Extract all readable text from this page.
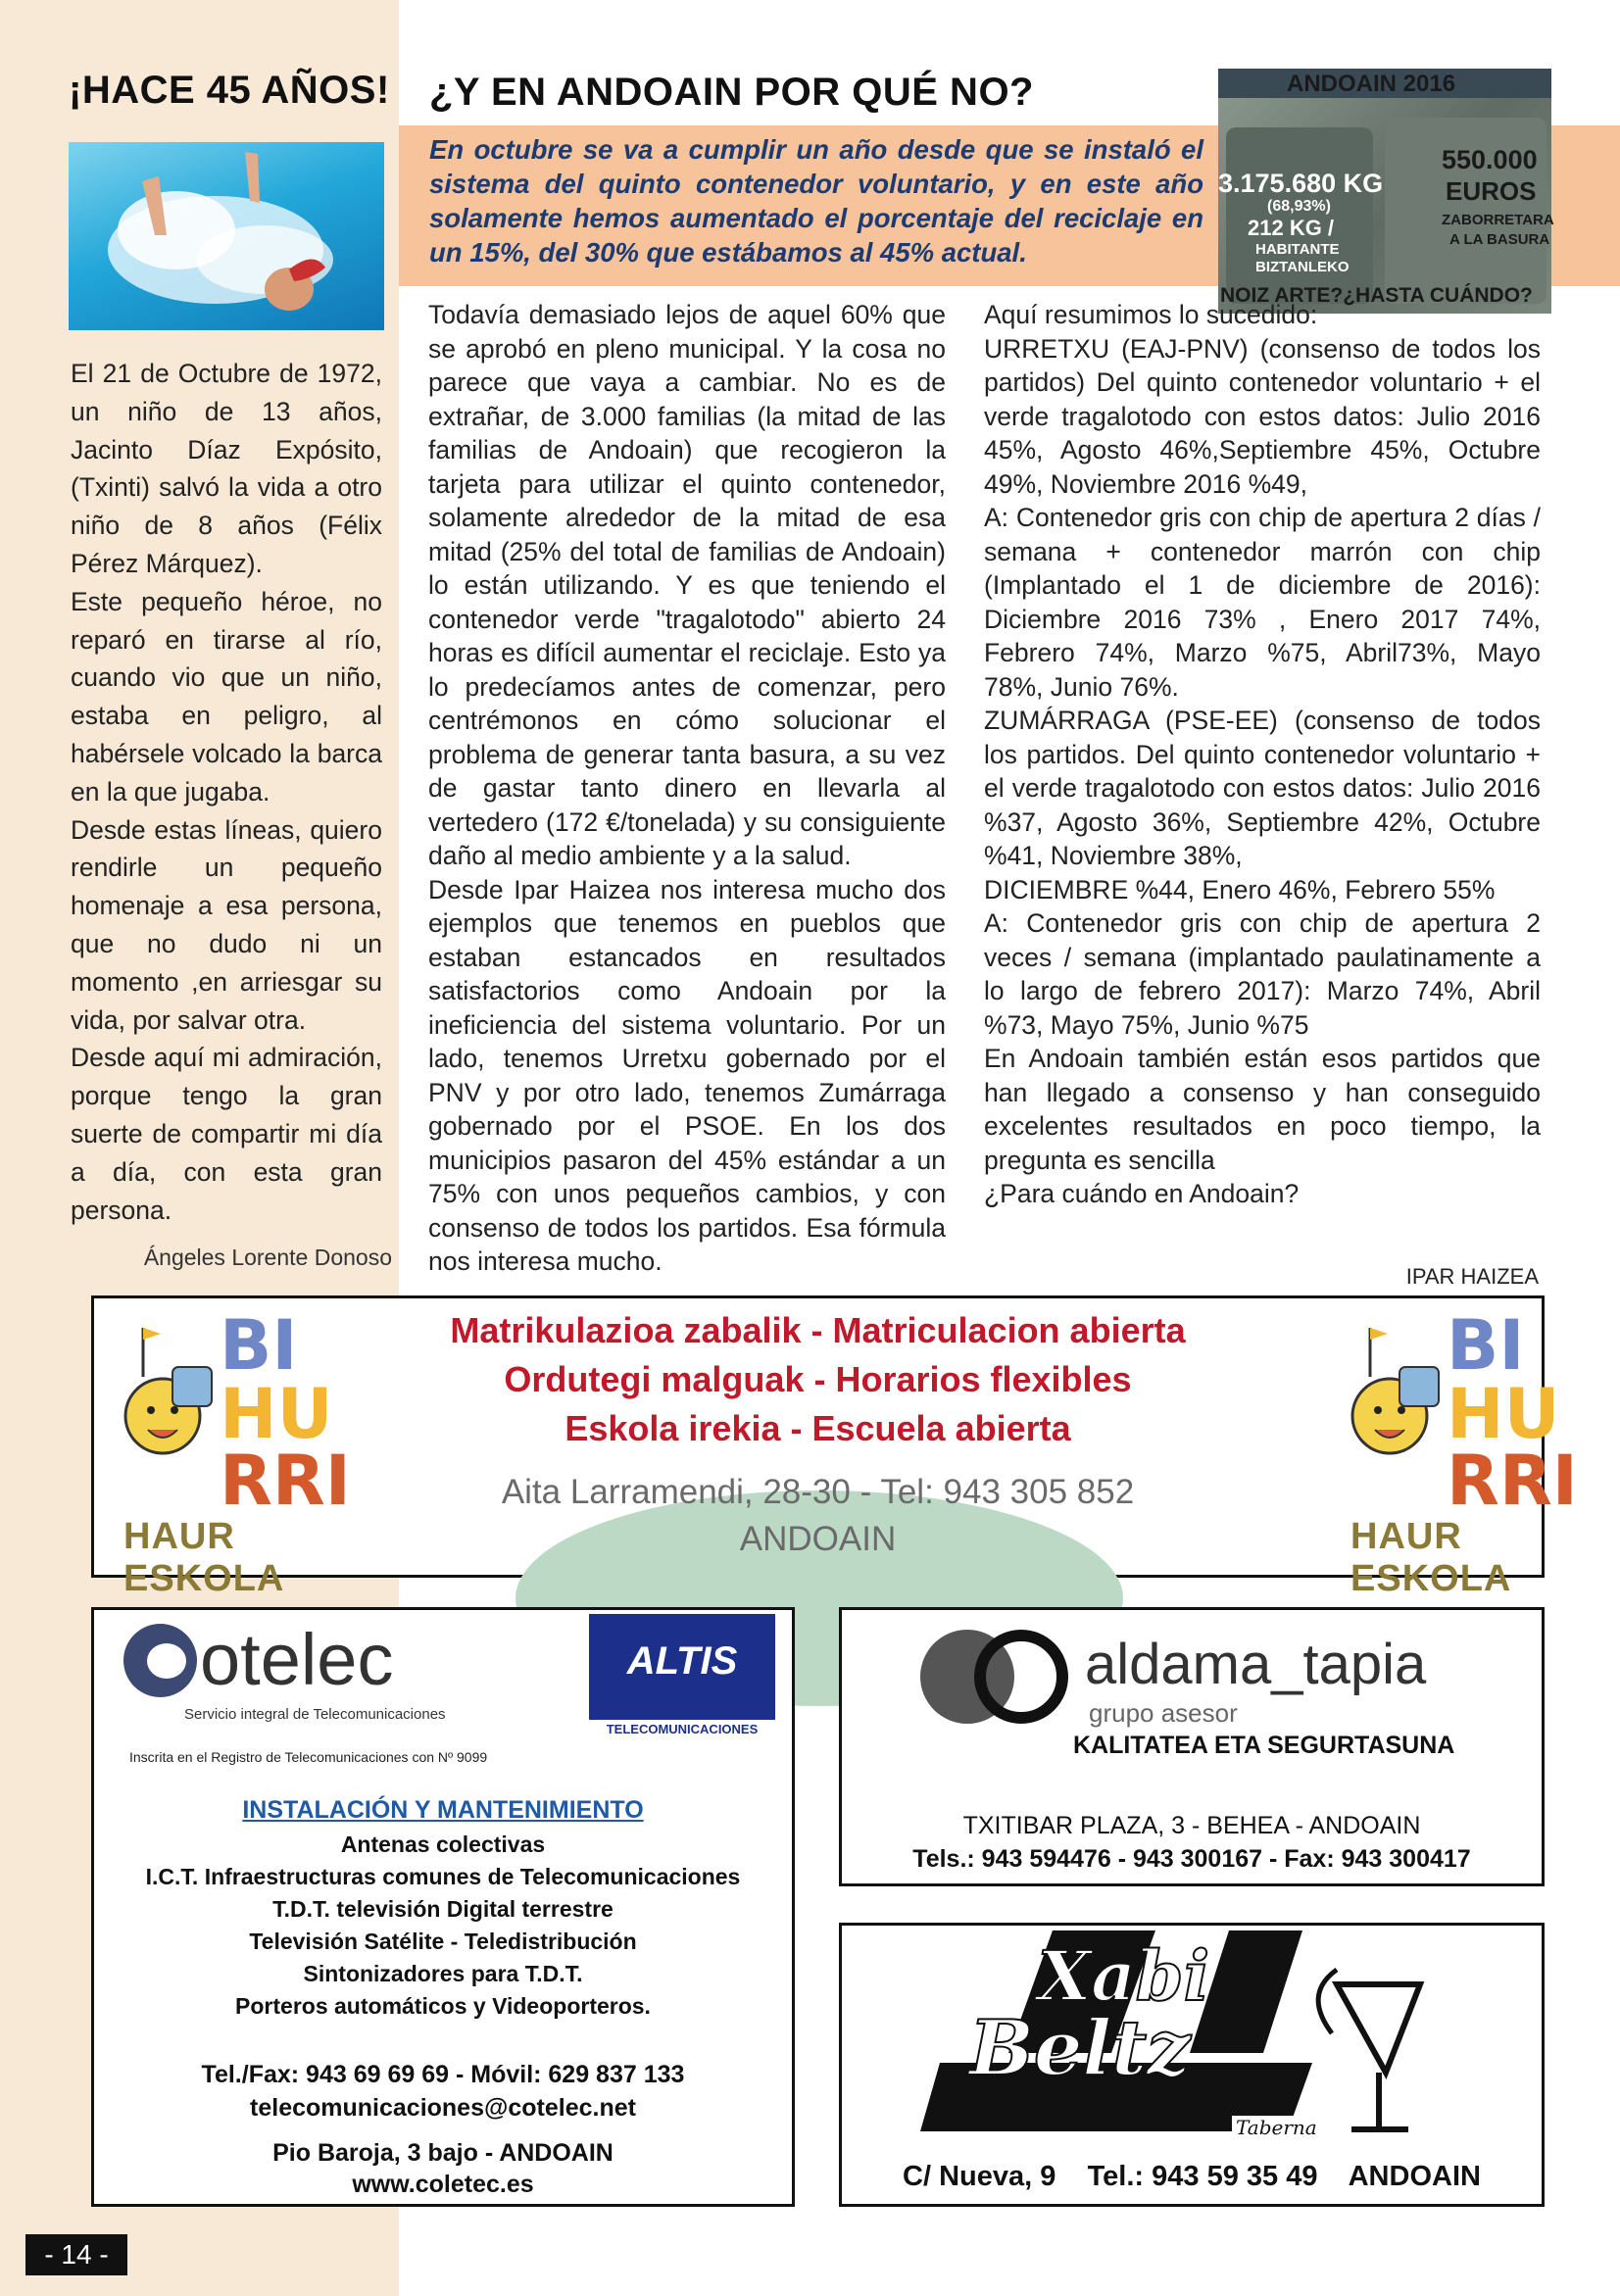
¡HACE 45 AÑOS!

El 21 de Octubre de 1972, un niño de 13 años, Jacinto Díaz Expósito, (Txinti) salvó la vida a otro niño de 8 años (Félix Pérez Márquez).

Este pequeño héroe, no reparó en tirarse al río, cuando vio que un niño, estaba en peligro, al habérsele volcado la barca en la que jugaba.

Desde estas líneas, quiero rendirle un pequeño homenaje a esa persona, que no dudo ni un momento ,en arriesgar su vida, por salvar otra.

Desde aquí mi admiración, porque tengo la gran suerte de compartir mi día a día, con esta gran persona.

Ángeles Lorente Donoso
¿Y EN ANDOAIN POR QUÉ NO?
En octubre se va a cumplir un año desde que se instaló el sistema del quinto contenedor voluntario, y en este año solamente hemos aumentado el porcentaje del reciclaje en un 15%, del 30% que estábamos al 45% actual.
ANDOAIN 2016
3.175.680 KG
(68,93%)
212 KG /
HABITANTE
BIZTANLEKO
550.000
EUROS
ZABORRETARA
A LA BASURA
NOIZ ARTE?¿HASTA CUÁNDO?

Todavía demasiado lejos de aquel 60% que se aprobó en pleno municipal. Y la cosa no parece que vaya a cambiar. No es de extrañar, de 3.000 familias (la mitad de las familias de Andoain) que recogieron la tarjeta para utilizar el quinto contenedor, solamente alrededor de la mitad de esa mitad (25% del total de familias de Andoain) lo están utilizando. Y es que teniendo el contenedor verde "tragalotodo" abierto 24 horas es difícil aumentar el reciclaje. Esto ya lo predecíamos antes de comenzar, pero centrémonos en cómo solucionar el problema de generar tanta basura, a su vez de gastar tanto dinero en llevarla al vertedero (172 €/tonelada) y su consiguiente daño al medio ambiente y a la salud.

Desde Ipar Haizea nos interesa mucho dos ejemplos que tenemos en pueblos que estaban estancados en resultados satisfactorios como Andoain por la ineficiencia del sistema voluntario. Por un lado, tenemos Urretxu gobernado por el PNV y por otro lado, tenemos Zumárraga gobernado por el PSOE. En los dos municipios pasaron del 45% estándar a un 75% con unos pequeños cambios, y con consenso de todos los partidos. Esa fórmula nos interesa mucho.

Aquí resumimos lo sucedido:

URRETXU (EAJ-PNV) (consenso de todos los partidos) Del quinto contenedor voluntario + el verde tragalotodo con estos datos: Julio 2016 45%, Agosto 46%,Septiembre 45%, Octubre 49%, Noviembre 2016 %49,

A: Contenedor gris con chip de apertura 2 días / semana + contenedor marrón con chip (Implantado el 1 de diciembre de 2016): Diciembre 2016 73% , Enero 2017 74%, Febrero 74%, Marzo %75, Abril73%, Mayo 78%, Junio 76%.

ZUMÁRRAGA (PSE-EE) (consenso de todos los partidos. Del quinto contenedor voluntario + el verde tragalotodo con estos datos: Julio 2016 %37, Agosto 36%, Septiembre 42%, Octubre %41, Noviembre 38%,

DICIEMBRE %44, Enero 46%, Febrero 55%

A: Contenedor gris con chip de apertura 2 veces / semana (implantado paulatinamente a lo largo de febrero 2017): Marzo 74%, Abril %73, Mayo 75%, Junio %75

En Andoain también están esos partidos que han llegado a consenso y han conseguido excelentes resultados en poco tiempo, la pregunta es sencilla

¿Para cuándo en Andoain?

IPAR HAIZEA
BI
HU
RRI
HAUR ESKOLA
Matrikulazioa zabalik - Matriculacion abierta
Ordutegi malguak - Horarios flexibles
Eskola irekia - Escuela abierta
Aita Larramendi, 28-30 - Tel: 943 305 852
ANDOAIN
BI
HU
RRI
HAUR ESKOLA
otelec
Servicio integral de Telecomunicaciones
ALTIS
TELECOMUNICACIONES
Inscrita en el Registro de Telecomunicaciones con Nº 9099
INSTALACIÓN Y MANTENIMIENTO
Antenas colectivas
I.C.T. Infraestructuras comunes de Telecomunicaciones
T.D.T. televisión Digital terrestre
Televisión Satélite - Teledistribución
Sintonizadores para T.D.T.
Porteros automáticos y Videoporteros.
Tel./Fax: 943 69 69 69 - Móvil: 629 837 133
telecomunicaciones@cotelec.net
Pio Baroja, 3 bajo - ANDOAIN
www.coletec.es
aldama_tapia
grupo asesor
KALITATEA ETA SEGURTASUNA
TXITIBAR PLAZA, 3 - BEHEA - ANDOAIN
Tels.: 943 594476 - 943 300167 - Fax: 943 300417
Xabi
Beltz
Taberna
C/ Nueva, 9    Tel.: 943 59 35 49    ANDOAIN
- 14 -
